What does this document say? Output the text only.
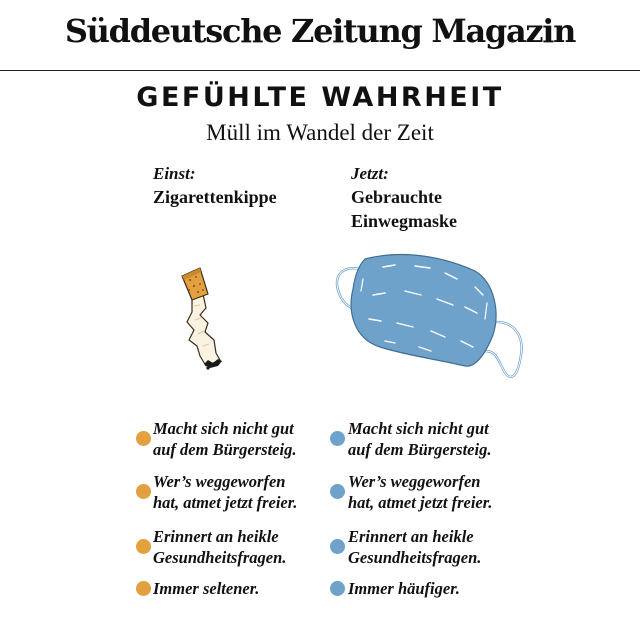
Süddeutsche Zeitung Magazin
GEFÜHLTE WAHRHEIT
Müll im Wandel der Zeit
Einst:
Zigarettenkippe
Jetzt:
Gebrauchte
Einwegmaske
Macht sich nicht gut
auf dem Bürgersteig.
Wer’s weggeworfen
hat, atmet jetzt freier.
Erinnert an heikle
Gesundheitsfragen.
Immer seltener.
Macht sich nicht gut
auf dem Bürgersteig.
Wer’s weggeworfen
hat, atmet jetzt freier.
Erinnert an heikle
Gesundheitsfragen.
Immer häufiger.
